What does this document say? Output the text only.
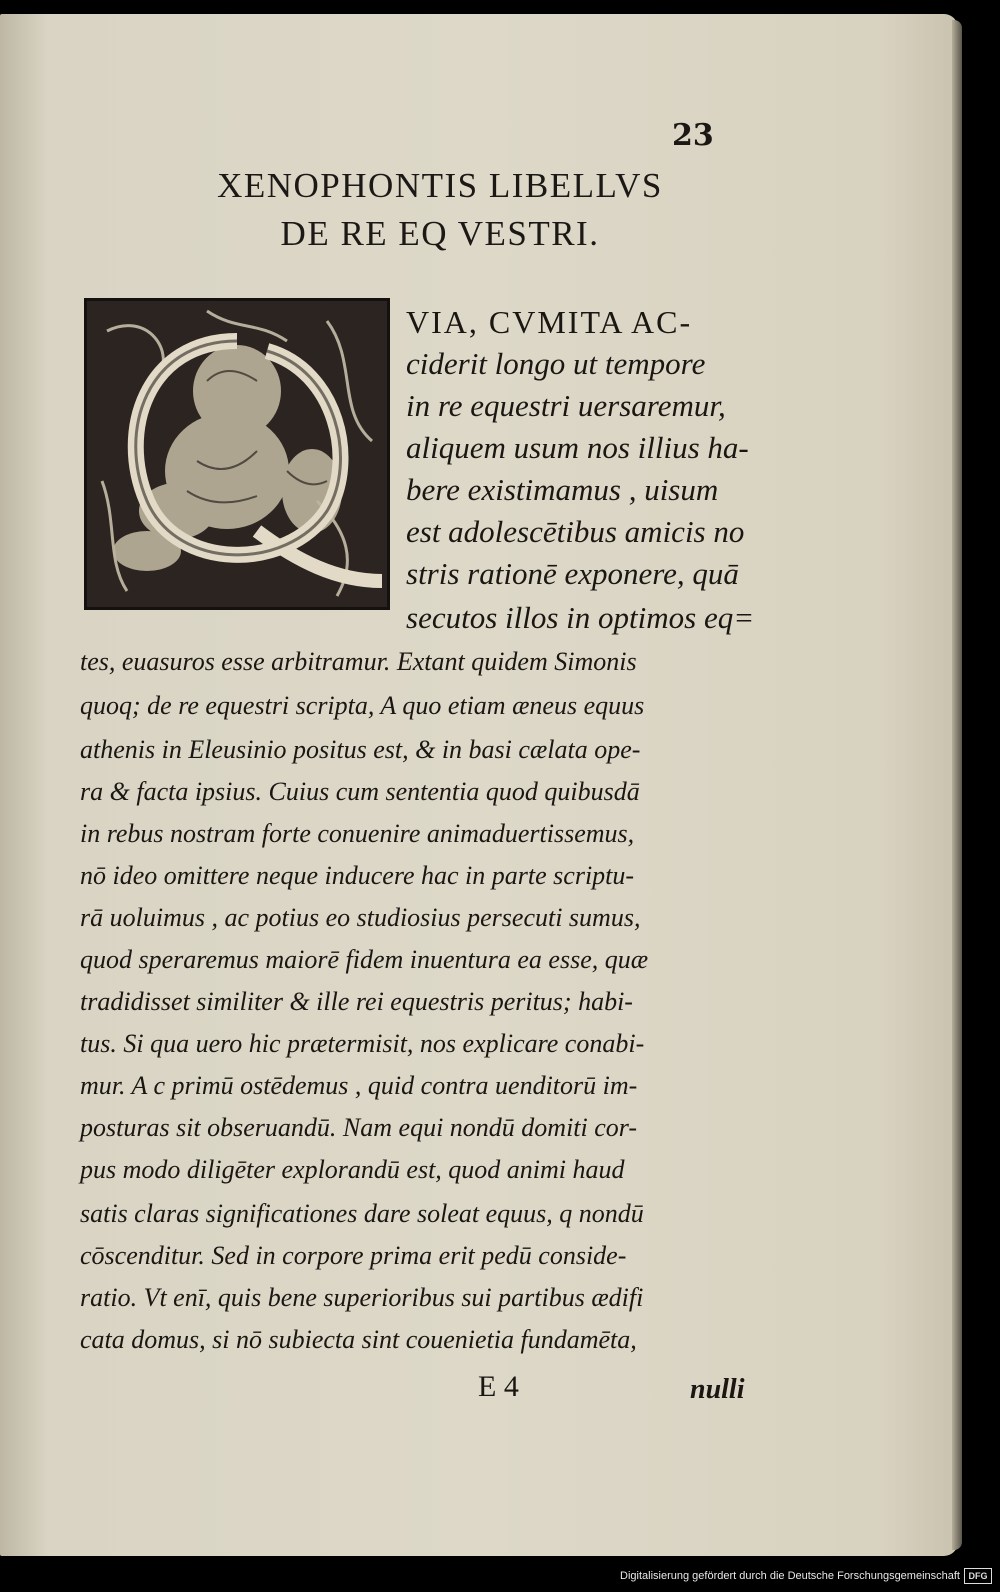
23
XENOPHONTIS LIBELLVS
DE RE EQ VESTRI.
VIA, CVMITA AC-
ciderit longo ut tempore
in re equestri uersaremur,
aliquem usum nos illius ha-
bere existimamus , uisum
est adolescētibus amicis no
stris rationē exponere, quā
secutos illos in optimos eq=
tes, euasuros esse arbitramur. Extant quidem Simonis
quoq; de re equestri scripta, A quo etiam æneus equus
athenis in Eleusinio positus est, & in basi cælata ope-
ra & facta ipsius. Cuius cum sententia quod quibusdā
in rebus nostram forte conuenire animaduertissemus,
nō ideo omittere neque inducere hac in parte scriptu-
rā uoluimus , ac potius eo studiosius persecuti sumus,
quod speraremus maiorē fidem inuentura ea esse, quæ
tradidisset similiter & ille rei equestris peritus; habi-
tus. Si qua uero hic prætermisit, nos explicare conabi-
mur. A c primū ostēdemus , quid contra uenditorū im-
posturas sit obseruandū. Nam equi nondū domiti cor-
pus modo diligēter explorandū est, quod animi haud
satis claras significationes dare soleat equus, q nondū
cōscenditur. Sed in corpore prima erit pedū conside-
ratio. Vt enī, quis bene superioribus sui partibus ædifi
cata domus, si nō subiecta sint couenietia fundamēta,
E 4	nulli
Digitalisierung gefördert durch die Deutsche Forschungsgemeinschaft DFG
